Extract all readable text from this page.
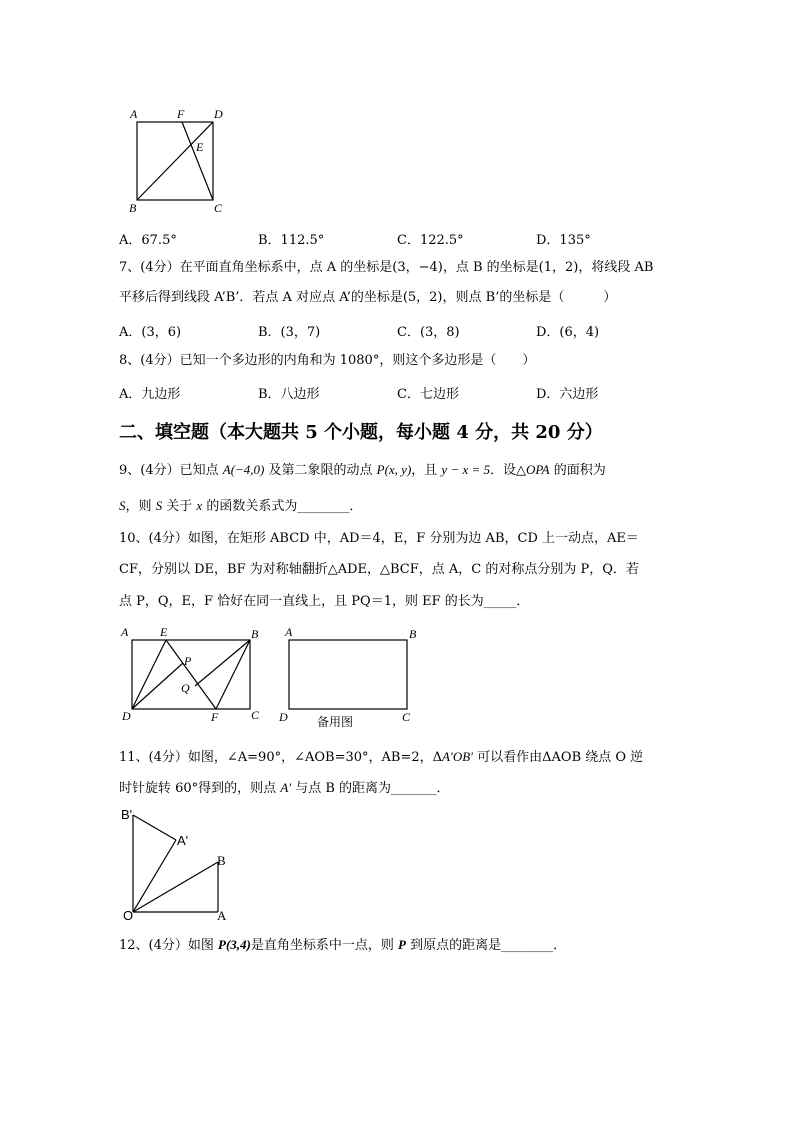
A	F D
E
B	C
A．67.5°	B．112.5°	C．122.5°	D．135°
7、(4分）在平面直角坐标系中，点 A 的坐标是(3，−4)，点 B 的坐标是(1，2)，将线段 AB
平移后得到线段 A’B’．若点 A 对应点 A’的坐标是(5，2)，则点 B’的坐标是（　　　）
A．(3，6)	B．(3，7)	C．(3，8)	D．(6，4)
8、(4分）已知一个多边形的内角和为 1080°，则这个多边形是（　　）
A．九边形	B．八边形	C．七边形	D．六边形
二、填空题（本大题共 5 个小题，每小题 4 分，共 20 分）
9、(4分）已知点 A(−4,0) 及第二象限的动点 P(x, y)，且 y − x = 5．设△OPA 的面积为
S，则 S 关于 x 的函数关系式为________．
10、(4分）如图，在矩形 ABCD 中，AD＝4，E，F 分别为边 AB，CD 上一动点，AE＝
CF，分别以 DE，BF 为对称轴翻折△ADE，△BCF，点 A，C 的对称点分别为 P，Q．若
点 P，Q，E，F 恰好在同一直线上，且 PQ＝1，则 EF 的长为_____．
A	E	B
P
Q
D	F	C
A	B
D	C
备用图
11、(4分）如图，∠A=90°，∠AOB=30°，AB=2，ΔA′OB′ 可以看作由ΔAOB 绕点 O 逆
时针旋转 60°得到的，则点 A′ 与点 B 的距离为_______．
B'
A'
B
O	A
12、(4分）如图 P(3,4)是直角坐标系中一点，则 P 到原点的距离是________．
